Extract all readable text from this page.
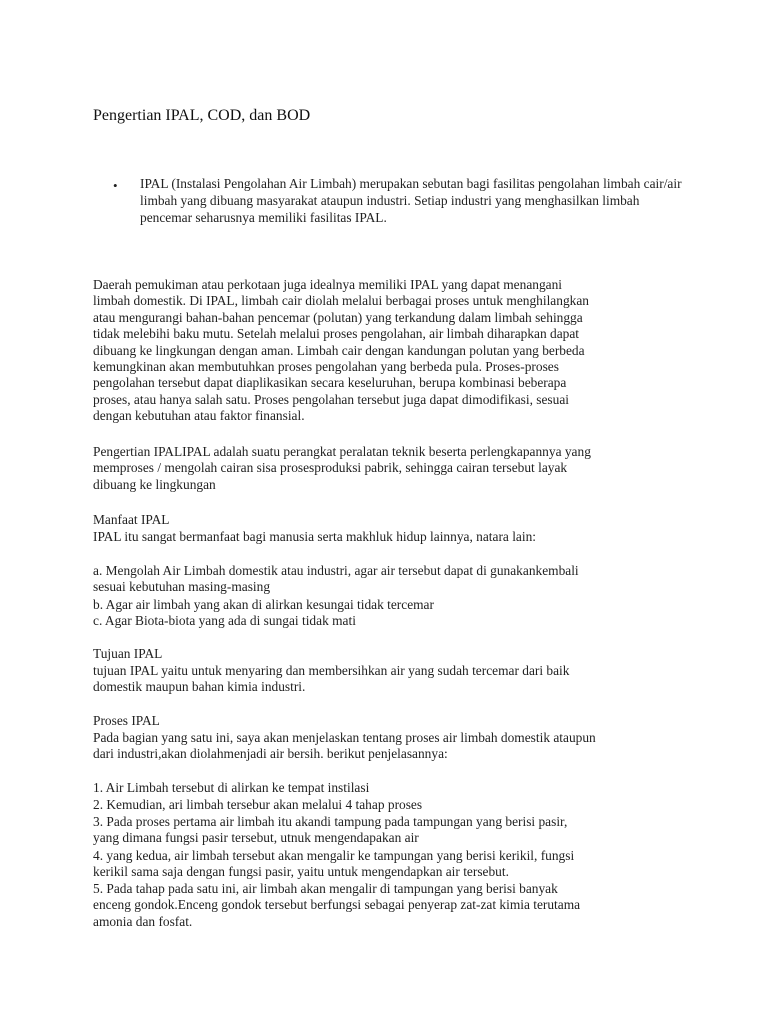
Pengertian IPAL, COD, dan BOD
• IPAL (Instalasi Pengolahan Air Limbah) merupakan sebutan bagi fasilitas pengolahan limbah cair/air limbah yang dibuang masyarakat ataupun industri. Setiap industri yang menghasilkan limbah pencemar seharusnya memiliki fasilitas IPAL.
Daerah pemukiman atau perkotaan juga idealnya memiliki IPAL yang dapat menangani
limbah domestik. Di IPAL, limbah cair diolah melalui berbagai proses untuk menghilangkan
atau mengurangi bahan-bahan pencemar (polutan) yang terkandung dalam limbah sehingga
tidak melebihi baku mutu. Setelah melalui proses pengolahan, air limbah diharapkan dapat
dibuang ke lingkungan dengan aman. Limbah cair dengan kandungan polutan yang berbeda
kemungkinan akan membutuhkan proses pengolahan yang berbeda pula. Proses-proses
pengolahan tersebut dapat diaplikasikan secara keseluruhan, berupa kombinasi beberapa
proses, atau hanya salah satu. Proses pengolahan tersebut juga dapat dimodifikasi, sesuai
dengan kebutuhan atau faktor finansial.
Pengertian IPALIPAL adalah suatu perangkat peralatan teknik beserta perlengkapannya yang
memproses / mengolah cairan sisa prosesproduksi pabrik, sehingga cairan tersebut layak
dibuang ke lingkungan
Manfaat IPAL
IPAL itu sangat bermanfaat bagi manusia serta makhluk hidup lainnya, natara lain:
a. Mengolah Air Limbah domestik atau industri, agar air tersebut dapat di gunakankembali
sesuai kebutuhan masing-masing
b. Agar air limbah yang akan di alirkan kesungai tidak tercemar
c. Agar Biota-biota yang ada di sungai tidak mati
Tujuan IPAL
tujuan IPAL yaitu untuk menyaring dan membersihkan air yang sudah tercemar dari baik
domestik maupun bahan kimia industri.
Proses IPAL
Pada bagian yang satu ini, saya akan menjelaskan tentang proses air limbah domestik ataupun
dari industri,akan diolahmenjadi air bersih. berikut penjelasannya:
1. Air Limbah tersebut di alirkan ke tempat instilasi
2. Kemudian, ari limbah tersebur akan melalui 4 tahap proses
3. Pada proses pertama air limbah itu akandi tampung pada tampungan yang berisi pasir,
yang dimana fungsi pasir tersebut, utnuk mengendapakan air
4. yang kedua, air limbah tersebut akan mengalir ke tampungan yang berisi kerikil, fungsi
kerikil sama saja dengan fungsi pasir, yaitu untuk mengendapkan air tersebut.
5. Pada tahap pada satu ini, air limbah akan mengalir di tampungan yang berisi banyak
enceng gondok.Enceng gondok tersebut berfungsi sebagai penyerap zat-zat kimia terutama
amonia dan fosfat.
